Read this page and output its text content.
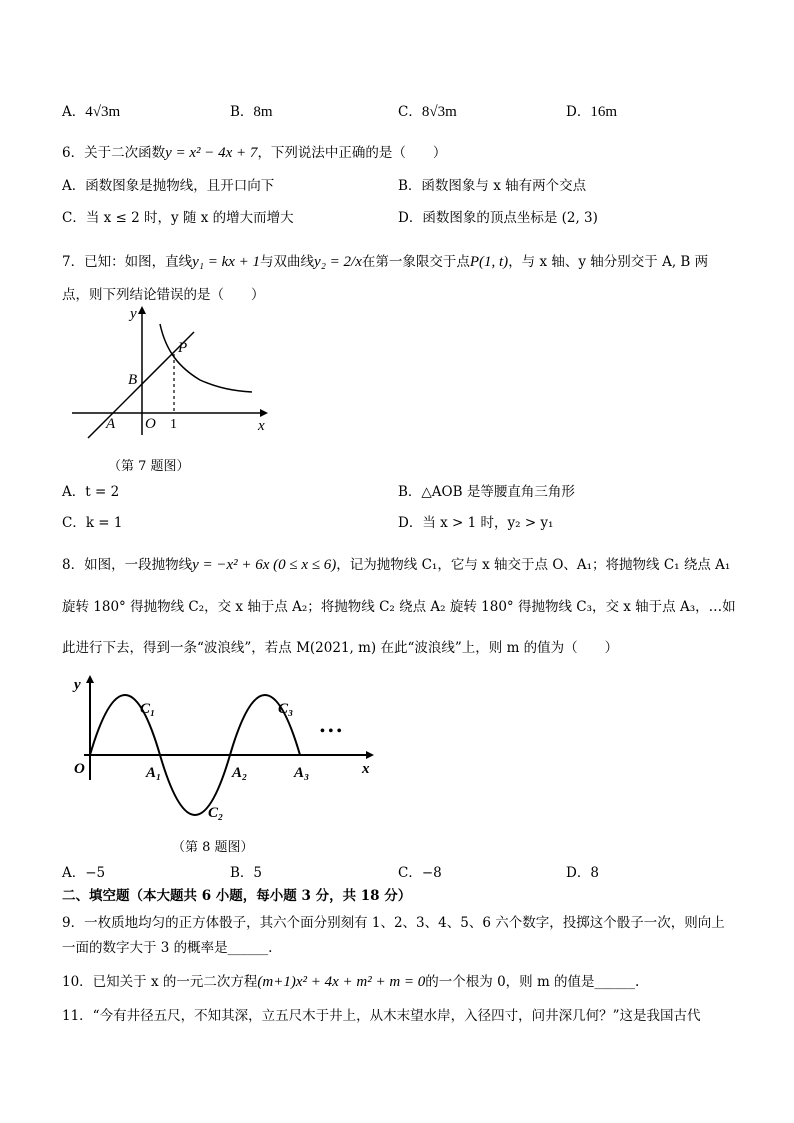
A．4√3m	B．8m	C．8√3m	D．16m
6．关于二次函数y = x² − 4x + 7，下列说法中正确的是（　　）
A．函数图象是抛物线，且开口向下	B．函数图象与 x 轴有两个交点
C．当 x ≤ 2 时，y 随 x 的增大而增大	D．函数图象的顶点坐标是 (2, 3)
7．已知：如图，直线y₁ = kx + 1与双曲线y₂ = 2/x在第一象限交于点P(1, t)，与 x 轴、y 轴分别交于 A, B 两
点，则下列结论错误的是（　　）
y
x
P
B
A O 1
（第 7 题图）
A．t = 2	B．△AOB 是等腰直角三角形
C．k = 1	D．当 x > 1 时，y₂ > y₁
8．如图，一段抛物线y = −x² + 6x (0 ≤ x ≤ 6)，记为抛物线 C₁，它与 x 轴交于点 O、A₁；将抛物线 C₁ 绕点 A₁
旋转 180° 得抛物线 C₂，交 x 轴于点 A₂；将抛物线 C₂ 绕点 A₂ 旋转 180° 得抛物线 C₃，交 x 轴于点 A₃，…如
此进行下去，得到一条“波浪线”，若点 M(2021, m) 在此“波浪线”上，则 m 的值为（　　）
y
x
O	A₁	A₂	A₃
C₁
C₂
C₃
• • •
（第 8 题图）
A．−5	B．5	C．−8	D．8
二、填空题（本大题共 6 小题，每小题 3 分，共 18 分）
9．一枚质地均匀的正方体骰子，其六个面分别刻有 1、2、3、4、5、6 六个数字，投掷这个骰子一次，则向上
一面的数字大于 3 的概率是______.
10．已知关于 x 的一元二次方程(m+1)x² + 4x + m² + m = 0的一个根为 0，则 m 的值是______.
11．“今有井径五尺，不知其深，立五尺木于井上，从木末望水岸，入径四寸，问井深几何？”这是我国古代
